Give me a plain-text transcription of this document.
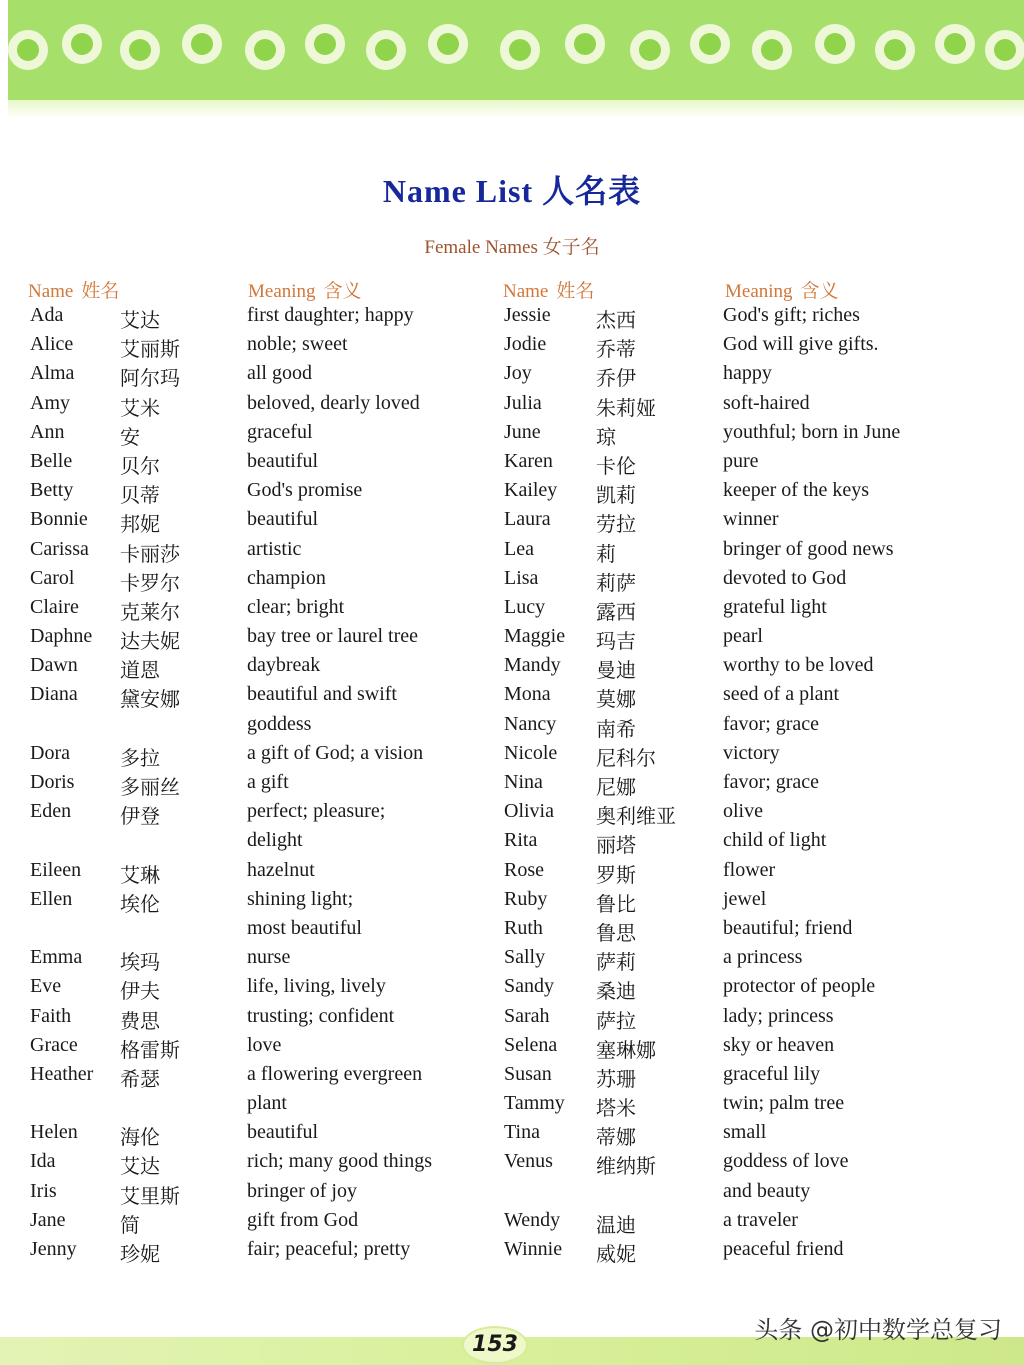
Name List 人名表
Female Names 女子名
Name 姓名	Meaning 含义	Name 姓名	Meaning 含义
Ada	艾达	first daughter; happy
Alice 艾丽斯	noble; sweet
Alma 阿尔玛	all good
Amy	艾米	beloved, dearly loved
Ann	安	graceful
Belle 贝尔	beautiful
Betty 贝蒂	God's promise
Bonnie 邦妮	beautiful
Carissa 卡丽莎	artistic
Carol 卡罗尔	champion
Claire 克莱尔	clear; bright
Daphne 达夫妮	bay tree or laurel tree
Dawn 道恩	daybreak
Diana 黛安娜	beautiful and swift
goddess
Dora	多拉	a gift of God; a vision
Doris 多丽丝	a gift
Eden 伊登	perfect; pleasure;
delight
Eileen 艾琳	hazelnut
Ellen 埃伦	shining light;
most beautiful
Emma 埃玛	nurse
Eve	伊夫	life, living, lively
Faith 费思	trusting; confident
Grace 格雷斯	love
Heather 希瑟	a flowering evergreen
plant
Helen 海伦	beautiful
Ida	艾达	rich; many good things
Iris	艾里斯	bringer of joy
Jane	简	gift from God
Jenny 珍妮	fair; peaceful; pretty
Jessie 杰西	God's gift; riches
Jodie 乔蒂	God will give gifts.
Joy	乔伊	happy
Julia	朱莉娅	soft-haired
June	琼	youthful; born in June
Karen 卡伦	pure
Kailey 凯莉	keeper of the keys
Laura 劳拉	winner
Lea	莉	bringer of good news
Lisa	莉萨	devoted to God
Lucy	露西	grateful light
Maggie 玛吉	pearl
Mandy 曼迪	worthy to be loved
Mona 莫娜	seed of a plant
Nancy 南希	favor; grace
Nicole 尼科尔	victory
Nina	尼娜	favor; grace
Olivia 奥利维亚 olive
Rita	丽塔	child of light
Rose	罗斯	flower
Ruby 鲁比	jewel
Ruth	鲁思	beautiful; friend
Sally	萨莉	a princess
Sandy 桑迪	protector of people
Sarah 萨拉	lady; princess
Selena 塞琳娜	sky or heaven
Susan 苏珊	graceful lily
Tammy 塔米	twin; palm tree
Tina	蒂娜	small
Venus 维纳斯	goddess of love
and beauty
Wendy 温迪	a traveler
Winnie 威妮	peaceful friend
153
头条 @初中数学总复习
